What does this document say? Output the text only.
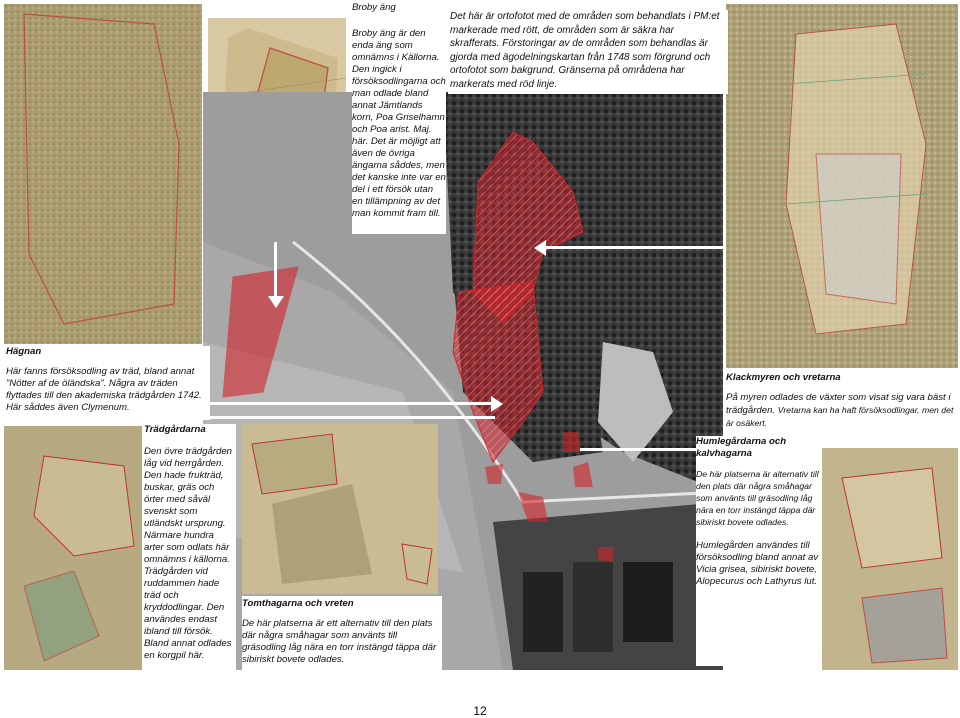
Broby äng

Broby äng är den enda äng som omnämns i Källorna. Den ingick i försöksodlingarna och man odlade bland annat Jämtlands korn, Poa Griselhamn och Poa arist. Maj. här. Det är möjligt att även de övriga ängarna såddes, men det kanske inte var en del i ett försök utan en tillämpning av det man kommit fram till.

Det här är ortofotot med de områden som behandlats i PM:et markerade med rött, de områden som är säkra har skrafferats. Förstoringar av de områden som behandlas är gjorda med ägodelningskartan från 1748 som förgrund och ortofotot som bakgrund. Gränserna på områdena har markerats med röd linje.

Hägnan

Här fanns försöksodling av träd, bland annat ”Nötter af de öländska”. Några av träden flyttades till den akademiska trädgården 1742. Här såddes även Clymenum.

Trädgårdarna

Den övre trädgården låg vid herrgården. Den hade frukträd, buskar, gräs och örter med såväl svenskt som utländskt ursprung. Närmare hundra arter som odlats här omnämns i källorna. Trädgården vid ruddammen hade träd och kryddodlingar. Den användes endast ibland till försök. Bland annat odlades en korgpil här.

Tomthagarna och vreten

De här platserna är ett alternativ till den plats där några småhagar som använts till gräsodling låg nära en torr instängd täppa där sibiriskt bovete odlades.

Klackmyren och vretarna

På myren odlades de växter som visat sig vara bäst i trädgården. Vretarna kan ha haft försöksodlingar, men det är osäkert.

Humlegårdarna och kalvhagarna

De här platserna är alternativ till den plats där några småhagar som använts till gräsodling låg nära en torr instängd täppa där sibiriskt bovete odlades.

Humlegården användes till försöksodling bland annat av Vicia grisea, sibiriskt bovete, Alopecurus och Lathyrus lut.

12
